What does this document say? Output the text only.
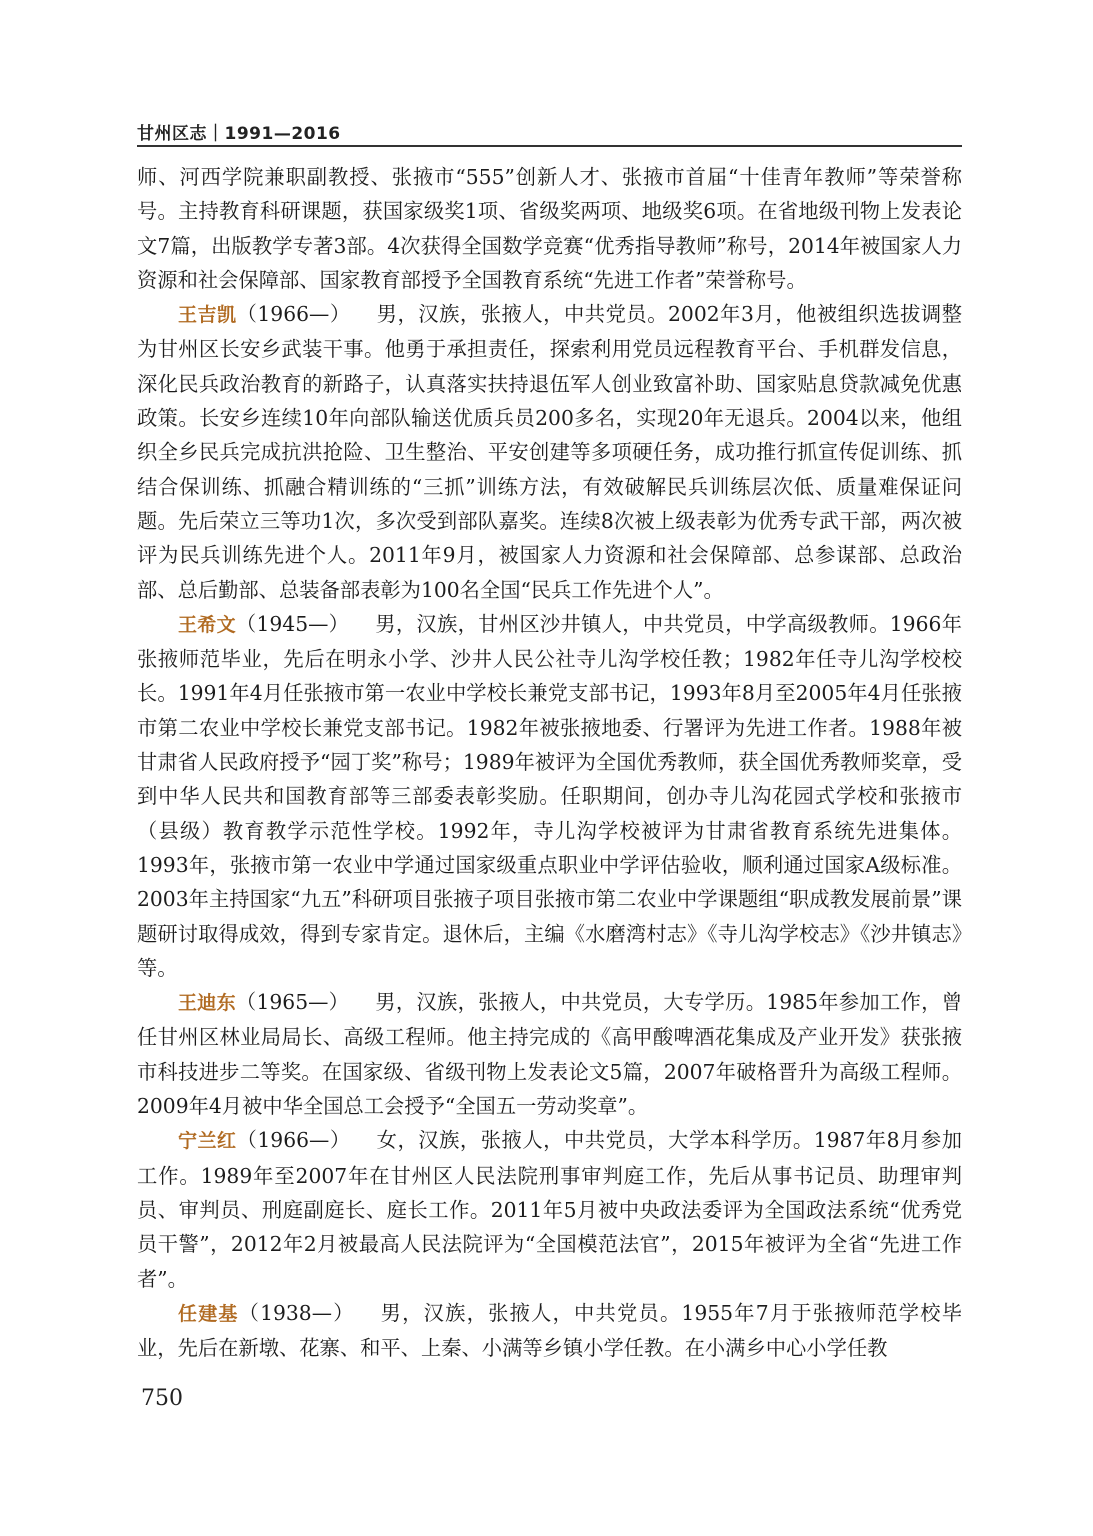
甘州区志｜1991—2016

师、河西学院兼职副教授、张掖市“555”创新人才、张掖市首届“十佳青年教师”等荣誉称号。主持教育科研课题，获国家级奖1项、省级奖两项、地级奖6项。在省地级刊物上发表论文7篇，出版教学专著3部。4次获得全国数学竞赛“优秀指导教师”称号，2014年被国家人力资源和社会保障部、国家教育部授予全国教育系统“先进工作者”荣誉称号。

王吉凯（1966—） 男，汉族，张掖人，中共党员。2002年3月，他被组织选拔调整为甘州区长安乡武装干事。他勇于承担责任，探索利用党员远程教育平台、手机群发信息，深化民兵政治教育的新路子，认真落实扶持退伍军人创业致富补助、国家贴息贷款减免优惠政策。长安乡连续10年向部队输送优质兵员200多名，实现20年无退兵。2004以来，他组织全乡民兵完成抗洪抢险、卫生整治、平安创建等多项硬任务，成功推行抓宣传促训练、抓结合保训练、抓融合精训练的“三抓”训练方法，有效破解民兵训练层次低、质量难保证问题。先后荣立三等功1次，多次受到部队嘉奖。连续8次被上级表彰为优秀专武干部，两次被评为民兵训练先进个人。2011年9月，被国家人力资源和社会保障部、总参谋部、总政治部、总后勤部、总装备部表彰为100名全国“民兵工作先进个人”。

王希文（1945—） 男，汉族，甘州区沙井镇人，中共党员，中学高级教师。1966年张掖师范毕业，先后在明永小学、沙井人民公社寺儿沟学校任教；1982年任寺儿沟学校校长。1991年4月任张掖市第一农业中学校长兼党支部书记，1993年8月至2005年4月任张掖市第二农业中学校长兼党支部书记。1982年被张掖地委、行署评为先进工作者。1988年被甘肃省人民政府授予“园丁奖”称号；1989年被评为全国优秀教师，获全国优秀教师奖章，受到中华人民共和国教育部等三部委表彰奖励。任职期间，创办寺儿沟花园式学校和张掖市（县级）教育教学示范性学校。1992年，寺儿沟学校被评为甘肃省教育系统先进集体。1993年，张掖市第一农业中学通过国家级重点职业中学评估验收，顺利通过国家A级标准。2003年主持国家“九五”科研项目张掖子项目张掖市第二农业中学课题组“职成教发展前景”课题研讨取得成效，得到专家肯定。退休后，主编《水磨湾村志》《寺儿沟学校志》《沙井镇志》等。

王迪东（1965—） 男，汉族，张掖人，中共党员，大专学历。1985年参加工作，曾任甘州区林业局局长、高级工程师。他主持完成的《高甲酸啤酒花集成及产业开发》获张掖市科技进步二等奖。在国家级、省级刊物上发表论文5篇，2007年破格晋升为高级工程师。2009年4月被中华全国总工会授予“全国五一劳动奖章”。

宁兰红（1966—） 女，汉族，张掖人，中共党员，大学本科学历。1987年8月参加工作。1989年至2007年在甘州区人民法院刑事审判庭工作，先后从事书记员、助理审判员、审判员、刑庭副庭长、庭长工作。2011年5月被中央政法委评为全国政法系统“优秀党员干警”，2012年2月被最高人民法院评为“全国模范法官”，2015年被评为全省“先进工作者”。

任建基（1938—） 男，汉族，张掖人，中共党员。1955年7月于张掖师范学校毕业，先后在新墩、花寨、和平、上秦、小满等乡镇小学任教。在小满乡中心小学任教

750
